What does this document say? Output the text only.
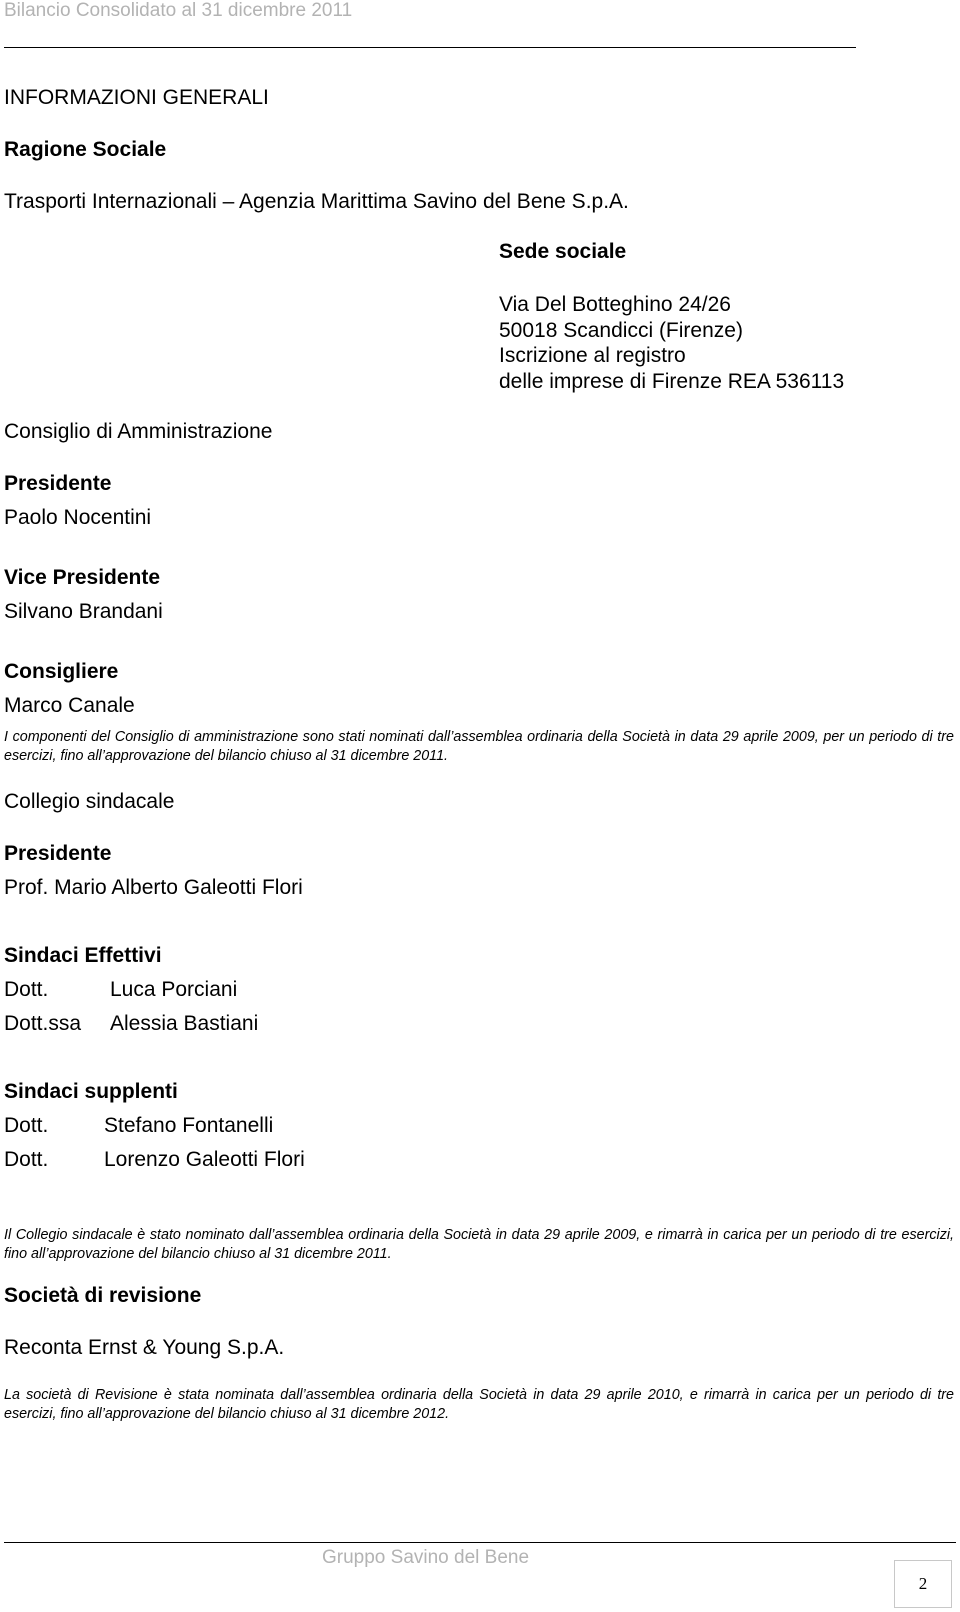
Bilancio Consolidato al 31 dicembre 2011
INFORMAZIONI GENERALI
Ragione Sociale
Trasporti Internazionali – Agenzia Marittima Savino del Bene S.p.A.
Sede sociale
Via Del Botteghino 24/26
50018 Scandicci (Firenze)
Iscrizione al registro
delle imprese di Firenze REA 536113
Consiglio di Amministrazione
Presidente
Paolo Nocentini
Vice Presidente
Silvano Brandani
Consigliere
Marco Canale
I componenti del Consiglio di amministrazione sono stati nominati dall’assemblea ordinaria della Società in data 29 aprile 2009, per un periodo di tre esercizi, fino all’approvazione del bilancio chiuso al 31 dicembre 2011.
Collegio sindacale
Presidente
Prof. Mario Alberto Galeotti Flori
Sindaci Effettivi
Dott.	Luca Porciani
Dott.ssa Alessia Bastiani
Sindaci supplenti
Dott.	Stefano Fontanelli
Dott.	Lorenzo Galeotti Flori
Il Collegio sindacale è stato nominato dall’assemblea ordinaria della Società in data 29 aprile 2009, e rimarrà in carica per un periodo di tre esercizi, fino all’approvazione del bilancio chiuso al 31 dicembre 2011.
Società di revisione
Reconta Ernst & Young S.p.A.
La società di Revisione è stata nominata dall’assemblea ordinaria della Società in data 29 aprile 2010, e rimarrà in carica per un periodo di tre esercizi, fino all’approvazione del bilancio chiuso al 31 dicembre 2012.
Gruppo Savino del Bene
2
